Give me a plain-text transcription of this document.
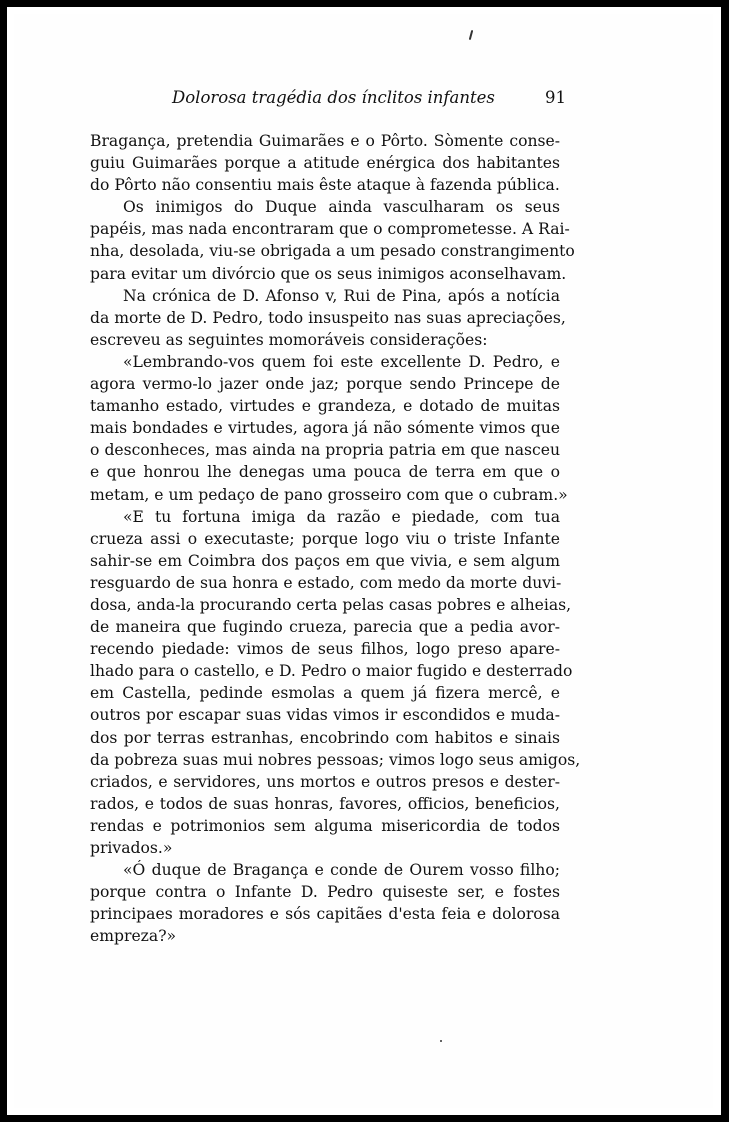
Dolorosa tragédia dos ínclitos infantes	91

Bragança, pretendia Guimarães e o Pôrto. Sòmente conse-
guiu Guimarães porque a atitude enérgica dos habitantes
do Pôrto não consentiu mais êste ataque à fazenda pública.

Os inimigos do Duque ainda vasculharam os seus
papéis, mas nada encontraram que o comprometesse. A Rai-
nha, desolada, viu-se obrigada a um pesado constrangimento
para evitar um divórcio que os seus inimigos aconselhavam.

Na crónica de D. Afonso v, Rui de Pina, após a notícia
da morte de D. Pedro, todo insuspeito nas suas apreciações,
escreveu as seguintes momoráveis considerações:

«Lembrando-vos quem foi este excellente D. Pedro, e
agora vermo-lo jazer onde jaz; porque sendo Princepe de
tamanho estado, virtudes e grandeza, e dotado de muitas
mais bondades e virtudes, agora já não sómente vimos que
o desconheces, mas ainda na propria patria em que nasceu
e que honrou lhe denegas uma pouca de terra em que o
metam, e um pedaço de pano grosseiro com que o cubram.»

«E tu fortuna imiga da razão e piedade, com tua
crueza assi o executaste; porque logo viu o triste Infante
sahir-se em Coimbra dos paços em que vivia, e sem algum
resguardo de sua honra e estado, com medo da morte duvi-
dosa, anda-la procurando certa pelas casas pobres e alheias,
de maneira que fugindo crueza, parecia que a pedia avor-
recendo piedade: vimos de seus filhos, logo preso apare-
lhado para o castello, e D. Pedro o maior fugido e desterrado
em Castella, pedinde esmolas a quem já fizera mercê, e
outros por escapar suas vidas vimos ir escondidos e muda-
dos por terras estranhas, encobrindo com habitos e sinais
da pobreza suas mui nobres pessoas; vimos logo seus amigos,
criados, e servidores, uns mortos e outros presos e dester-
rados, e todos de suas honras, favores, officios, beneficios,
rendas e potrimonios sem alguma misericordia de todos
privados.»

«Ó duque de Bragança e conde de Ourem vosso filho;
porque contra o Infante D. Pedro quiseste ser, e fostes
principaes moradores e sós capitães d'esta feia e dolorosa
empreza?»
